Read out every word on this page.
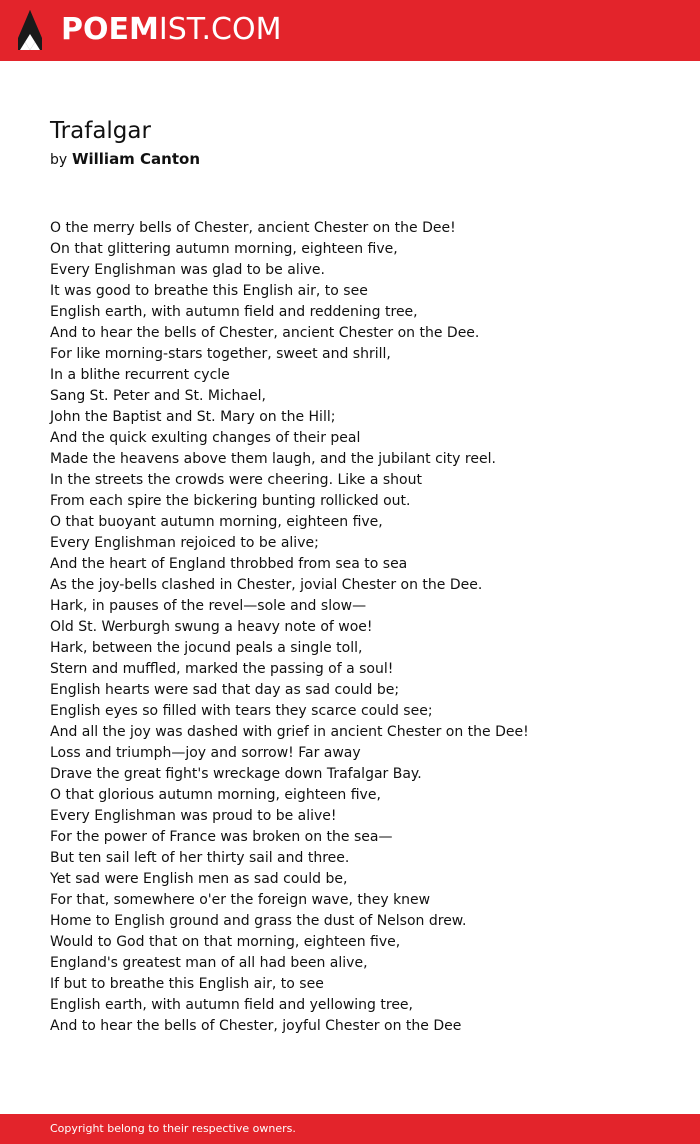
POEMIST.COM
Trafalgar
by William Canton
O the merry bells of Chester, ancient Chester on the Dee!
On that glittering autumn morning, eighteen five,
Every Englishman was glad to be alive.
It was good to breathe this English air, to see
English earth, with autumn field and reddening tree,
And to hear the bells of Chester, ancient Chester on the Dee.
For like morning-stars together, sweet and shrill,
In a blithe recurrent cycle
Sang St. Peter and St. Michael,
John the Baptist and St. Mary on the Hill;
And the quick exulting changes of their peal
Made the heavens above them laugh, and the jubilant city reel.
In the streets the crowds were cheering. Like a shout
From each spire the bickering bunting rollicked out.
O that buoyant autumn morning, eighteen five,
Every Englishman rejoiced to be alive;
And the heart of England throbbed from sea to sea
As the joy-bells clashed in Chester, jovial Chester on the Dee.
Hark, in pauses of the revel—sole and slow—
Old St. Werburgh swung a heavy note of woe!
Hark, between the jocund peals a single toll,
Stern and muffled, marked the passing of a soul!
English hearts were sad that day as sad could be;
English eyes so filled with tears they scarce could see;
And all the joy was dashed with grief in ancient Chester on the Dee!
Loss and triumph—joy and sorrow! Far away
Drave the great fight's wreckage down Trafalgar Bay.
O that glorious autumn morning, eighteen five,
Every Englishman was proud to be alive!
For the power of France was broken on the sea—
But ten sail left of her thirty sail and three.
Yet sad were English men as sad could be,
For that, somewhere o'er the foreign wave, they knew
Home to English ground and grass the dust of Nelson drew.
Would to God that on that morning, eighteen five,
England's greatest man of all had been alive,
If but to breathe this English air, to see
English earth, with autumn field and yellowing tree,
And to hear the bells of Chester, joyful Chester on the Dee
Copyright belong to their respective owners.
